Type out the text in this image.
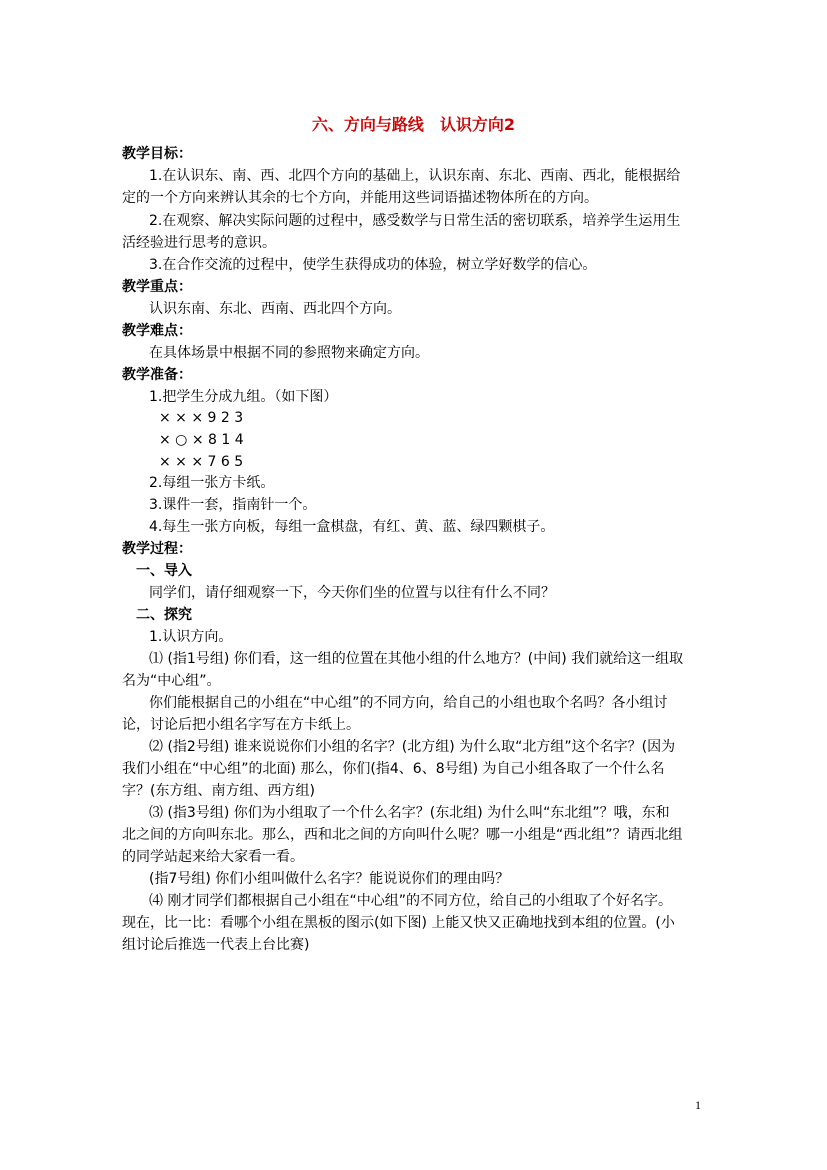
六、方向与路线　认识方向2
教学目标：
1.在认识东、南、西、北四个方向的基础上，认识东南、东北、西南、西北，能根据给
定的一个方向来辨认其余的七个方向，并能用这些词语描述物体所在的方向。
2.在观察、解决实际问题的过程中，感受数学与日常生活的密切联系，培养学生运用生
活经验进行思考的意识。
3.在合作交流的过程中，使学生获得成功的体验，树立学好数学的信心。
教学重点：
认识东南、东北、西南、西北四个方向。
教学难点：
在具体场景中根据不同的参照物来确定方向。
教学准备：
1.把学生分成九组。（如下图）
× × × 9 2 3
× ○ × 8 1 4
× × × 7 6 5
2.每组一张方卡纸。
3.课件一套，指南针一个。
4.每生一张方向板，每组一盒棋盘，有红、黄、蓝、绿四颗棋子。
教学过程：
一、导入
同学们，请仔细观察一下，今天你们坐的位置与以往有什么不同？
二、探究
1.认识方向。
⑴ (指1号组) 你们看，这一组的位置在其他小组的什么地方？(中间) 我们就给这一组取
名为“中心组”。
你们能根据自己的小组在“中心组”的不同方向，给自己的小组也取个名吗？各小组讨
论，讨论后把小组名字写在方卡纸上。
⑵ (指2号组) 谁来说说你们小组的名字？(北方组) 为什么取“北方组”这个名字？(因为
我们小组在“中心组”的北面) 那么，你们(指4、6、8号组) 为自己小组各取了一个什么名
字？(东方组、南方组、西方组)
⑶ (指3号组) 你们为小组取了一个什么名字？(东北组) 为什么叫“东北组”？哦，东和
北之间的方向叫东北。那么，西和北之间的方向叫什么呢？哪一小组是“西北组”？请西北组
的同学站起来给大家看一看。
(指7号组) 你们小组叫做什么名字？能说说你们的理由吗？
⑷ 刚才同学们都根据自己小组在“中心组”的不同方位，给自己的小组取了个好名字。
现在，比一比：看哪个小组在黑板的图示(如下图) 上能又快又正确地找到本组的位置。(小
组讨论后推选一代表上台比赛)
1
